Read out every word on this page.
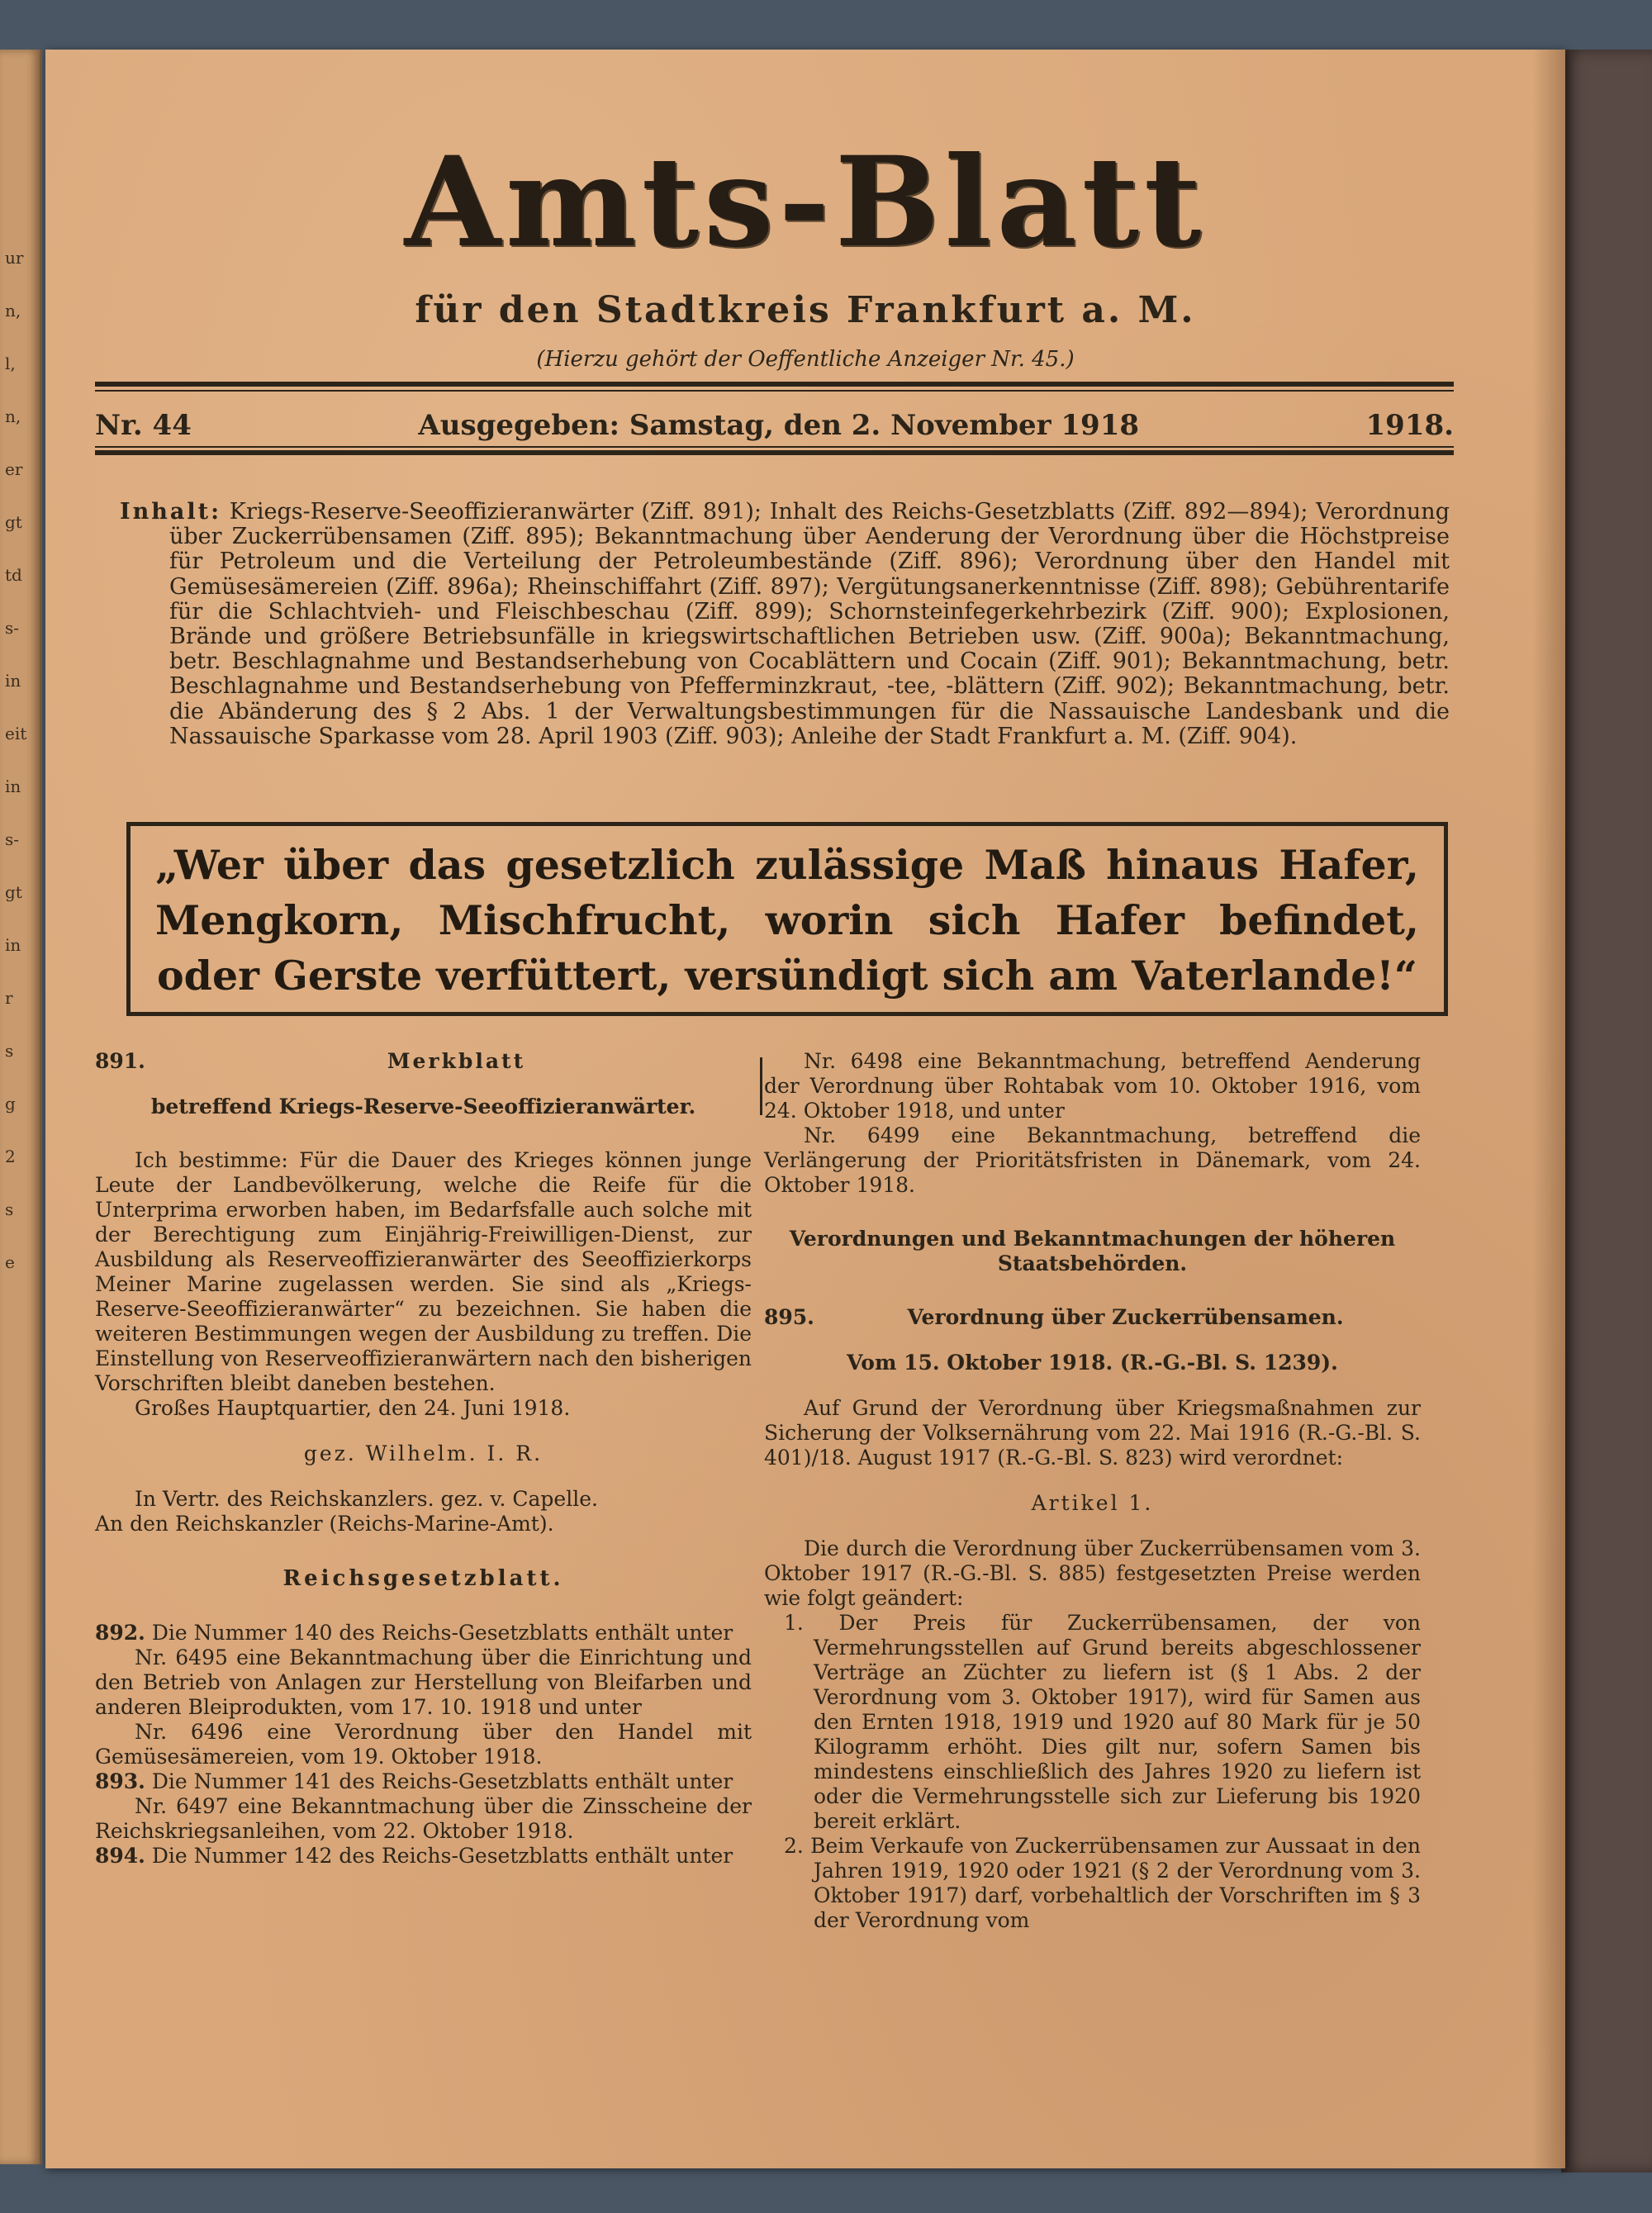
ur
n,
l,
n,
er
gt
td
s-
in
eit
in
s-
gt
in
r
s
g
2
s
e
Amts-Blatt
für den Stadtkreis Frankfurt a. M.
(Hierzu gehört der Oeffentliche Anzeiger Nr. 45.)
Nr. 44	Ausgegeben: Samstag, den 2. November 1918	1918.
Inhalt: Kriegs-Reserve-Seeoffizieranwärter (Ziff. 891); Inhalt des Reichs-Gesetzblatts (Ziff. 892—894); Verordnung über Zuckerrübensamen (Ziff. 895); Bekanntmachung über Aenderung der Verordnung über die Höchstpreise für Petroleum und die Verteilung der Petroleumbestände (Ziff. 896); Verordnung über den Handel mit Gemüsesämereien (Ziff. 896a); Rheinschiffahrt (Ziff. 897); Vergütungsanerkenntnisse (Ziff. 898); Gebührentarife für die Schlachtvieh- und Fleischbeschau (Ziff. 899); Schornsteinfegerkehrbezirk (Ziff. 900); Explosionen, Brände und größere Betriebsunfälle in kriegswirtschaftlichen Betrieben usw. (Ziff. 900a); Bekanntmachung, betr. Beschlagnahme und Bestandserhebung von Cocablättern und Cocain (Ziff. 901); Bekanntmachung, betr. Beschlagnahme und Bestandserhebung von Pfefferminzkraut, -tee, -blättern (Ziff. 902); Bekanntmachung, betr. die Abänderung des § 2 Abs. 1 der Verwaltungsbestimmungen für die Nassauische Landesbank und die Nassauische Sparkasse vom 28. April 1903 (Ziff. 903); Anleihe der Stadt Frankfurt a. M. (Ziff. 904).
„Wer über das gesetzlich zulässige Maß hinaus Hafer, Mengkorn, Mischfrucht, worin sich Hafer befindet, oder Gerste verfüttert, versündigt sich am Vaterlande!“
891.	Merkblatt

betreffend Kriegs-Reserve-Seeoffizieranwärter.

Ich bestimme: Für die Dauer des Krieges können junge Leute der Landbevölkerung, welche die Reife für die Unterprima erworben haben, im Bedarfsfalle auch solche mit der Berechtigung zum Einjährig-Freiwilligen-Dienst, zur Ausbildung als Reserveoffizieranwärter des Seeoffizierkorps Meiner Marine zugelassen werden. Sie sind als „Kriegs-Reserve-Seeoffizieranwärter“ zu bezeichnen. Sie haben die weiteren Bestimmungen wegen der Ausbildung zu treffen. Die Einstellung von Reserveoffizieranwärtern nach den bisherigen Vorschriften bleibt daneben bestehen.

Großes Hauptquartier, den 24. Juni 1918.

gez. Wilhelm. I. R.

In Vertr. des Reichskanzlers. gez. v. Capelle.

An den Reichskanzler (Reichs-Marine-Amt).

Reichsgesetzblatt.

892. Die Nummer 140 des Reichs-Gesetzblatts enthält unter

Nr. 6495 eine Bekanntmachung über die Einrichtung und den Betrieb von Anlagen zur Herstellung von Bleifarben und anderen Bleiprodukten, vom 17. 10. 1918 und unter

Nr. 6496 eine Verordnung über den Handel mit Gemüsesämereien, vom 19. Oktober 1918.

893. Die Nummer 141 des Reichs-Gesetzblatts enthält unter

Nr. 6497 eine Bekanntmachung über die Zinsscheine der Reichskriegsanleihen, vom 22. Oktober 1918.

894. Die Nummer 142 des Reichs-Gesetzblatts enthält unter

Nr. 6498 eine Bekanntmachung, betreffend Aenderung der Verordnung über Rohtabak vom 10. Oktober 1916, vom 24. Oktober 1918, und unter

Nr. 6499 eine Bekanntmachung, betreffend die Verlängerung der Prioritätsfristen in Dänemark, vom 24. Oktober 1918.

Verordnungen und Bekanntmachungen der höheren Staatsbehörden.

895.	Verordnung über Zuckerrübensamen.

Vom 15. Oktober 1918. (R.-G.-Bl. S. 1239).

Auf Grund der Verordnung über Kriegsmaßnahmen zur Sicherung der Volksernährung vom 22. Mai 1916 (R.-G.-Bl. S. 401)/18. August 1917 (R.-G.-Bl. S. 823) wird verordnet:

Artikel 1.

Die durch die Verordnung über Zuckerrübensamen vom 3. Oktober 1917 (R.-G.-Bl. S. 885) festgesetzten Preise werden wie folgt geändert:

1. Der Preis für Zuckerrübensamen, der von Vermehrungsstellen auf Grund bereits abgeschlossener Verträge an Züchter zu liefern ist (§ 1 Abs. 2 der Verordnung vom 3. Oktober 1917), wird für Samen aus den Ernten 1918, 1919 und 1920 auf 80 Mark für je 50 Kilogramm erhöht. Dies gilt nur, sofern Samen bis mindestens einschließlich des Jahres 1920 zu liefern ist oder die Vermehrungsstelle sich zur Lieferung bis 1920 bereit erklärt.

2. Beim Verkaufe von Zuckerrübensamen zur Aussaat in den Jahren 1919, 1920 oder 1921 (§ 2 der Verordnung vom 3. Oktober 1917) darf, vorbehaltlich der Vorschriften im § 3 der Verordnung vom
